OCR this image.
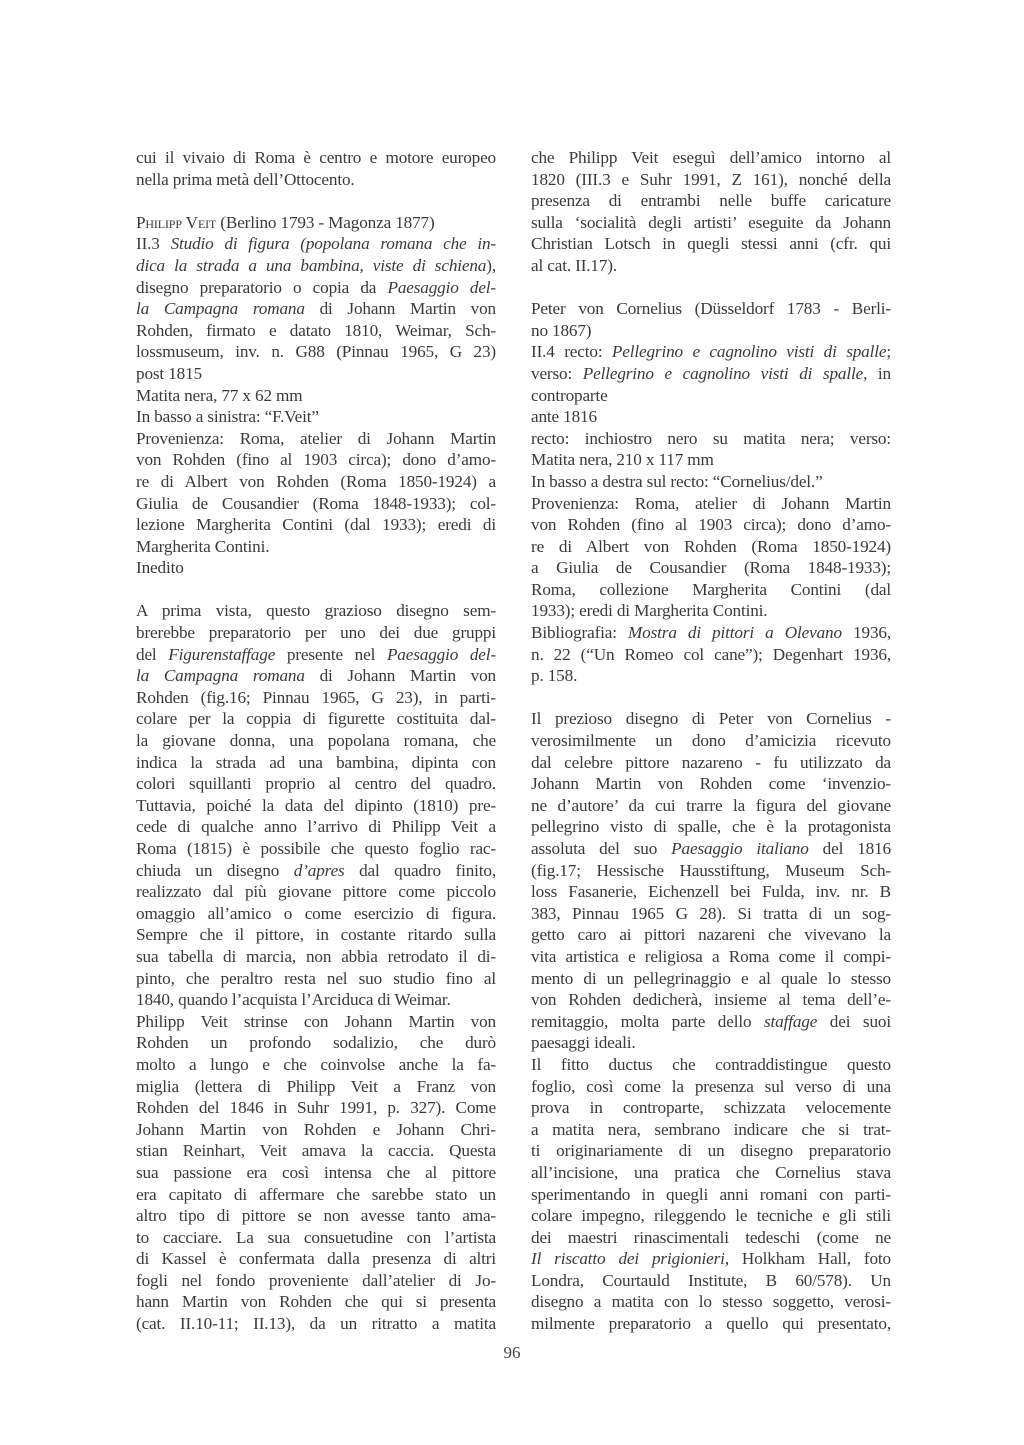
cui il vivaio di Roma è centro e motore europeo
nella prima metà dell’Ottocento.
Philipp Veit (Berlino 1793 - Magonza 1877)
II.3 Studio di figura (popolana romana che in-
dica la strada a una bambina, viste di schiena),
disegno preparatorio o copia da Paesaggio del-
la Campagna romana di Johann Martin von
Rohden, firmato e datato 1810, Weimar, Sch-
lossmuseum, inv. n. G88 (Pinnau 1965, G 23)
post 1815
Matita nera, 77 x 62 mm
In basso a sinistra: “F.Veit”
Provenienza: Roma, atelier di Johann Martin
von Rohden (fino al 1903 circa); dono d’amo-
re di Albert von Rohden (Roma 1850-1924) a
Giulia de Cousandier (Roma 1848-1933); col-
lezione Margherita Contini (dal 1933); eredi di
Margherita Contini.
Inedito
A prima vista, questo grazioso disegno sem-
brerebbe preparatorio per uno dei due gruppi
del Figurenstaffage presente nel Paesaggio del-
la Campagna romana di Johann Martin von
Rohden (fig.16; Pinnau 1965, G 23), in parti-
colare per la coppia di figurette costituita dal-
la giovane donna, una popolana romana, che
indica la strada ad una bambina, dipinta con
colori squillanti proprio al centro del quadro.
Tuttavia, poiché la data del dipinto (1810) pre-
cede di qualche anno l’arrivo di Philipp Veit a
Roma (1815) è possibile che questo foglio rac-
chiuda un disegno d’apres dal quadro finito,
realizzato dal più giovane pittore come piccolo
omaggio all’amico o come esercizio di figura.
Sempre che il pittore, in costante ritardo sulla
sua tabella di marcia, non abbia retrodato il di-
pinto, che peraltro resta nel suo studio fino al
1840, quando l’acquista l’Arciduca di Weimar.
Philipp Veit strinse con Johann Martin von
Rohden un profondo sodalizio, che durò
molto a lungo e che coinvolse anche la fa-
miglia (lettera di Philipp Veit a Franz von
Rohden del 1846 in Suhr 1991, p. 327). Come
Johann Martin von Rohden e Johann Chri-
stian Reinhart, Veit amava la caccia. Questa
sua passione era così intensa che al pittore
era capitato di affermare che sarebbe stato un
altro tipo di pittore se non avesse tanto ama-
to cacciare. La sua consuetudine con l’artista
di Kassel è confermata dalla presenza di altri
fogli nel fondo proveniente dall’atelier di Jo-
hann Martin von Rohden che qui si presenta
(cat. II.10-11; II.13), da un ritratto a matita
che Philipp Veit eseguì dell’amico intorno al
1820 (III.3 e Suhr 1991, Z 161), nonché della
presenza di entrambi nelle buffe caricature
sulla ‘socialità degli artisti’ eseguite da Johann
Christian Lotsch in quegli stessi anni (cfr. qui
al cat. II.17).
Peter von Cornelius (Düsseldorf 1783 - Berli-
no 1867)
II.4 recto: Pellegrino e cagnolino visti di spalle;
verso: Pellegrino e cagnolino visti di spalle, in
controparte
ante 1816
recto: inchiostro nero su matita nera; verso:
Matita nera, 210 x 117 mm
In basso a destra sul recto: “Cornelius/del.”
Provenienza: Roma, atelier di Johann Martin
von Rohden (fino al 1903 circa); dono d’amo-
re di Albert von Rohden (Roma 1850-1924)
a Giulia de Cousandier (Roma 1848-1933);
Roma, collezione Margherita Contini (dal
1933); eredi di Margherita Contini.
Bibliografia: Mostra di pittori a Olevano 1936,
n. 22 (“Un Romeo col cane”); Degenhart 1936,
p. 158.
Il prezioso disegno di Peter von Cornelius -
verosimilmente un dono d’amicizia ricevuto
dal celebre pittore nazareno - fu utilizzato da
Johann Martin von Rohden come ‘invenzio-
ne d’autore’ da cui trarre la figura del giovane
pellegrino visto di spalle, che è la protagonista
assoluta del suo Paesaggio italiano del 1816
(fig.17; Hessische Hausstiftung, Museum Sch-
loss Fasanerie, Eichenzell bei Fulda, inv. nr. B
383, Pinnau 1965 G 28). Si tratta di un sog-
getto caro ai pittori nazareni che vivevano la
vita artistica e religiosa a Roma come il compi-
mento di un pellegrinaggio e al quale lo stesso
von Rohden dedicherà, insieme al tema dell’e-
remitaggio, molta parte dello staffage dei suoi
paesaggi ideali.
Il fitto ductus che contraddistingue questo
foglio, così come la presenza sul verso di una
prova in controparte, schizzata velocemente
a matita nera, sembrano indicare che si trat-
ti originariamente di un disegno preparatorio
all’incisione, una pratica che Cornelius stava
sperimentando in quegli anni romani con parti-
colare impegno, rileggendo le tecniche e gli stili
dei maestri rinascimentali tedeschi (come ne
Il riscatto dei prigionieri, Holkham Hall, foto
Londra, Courtauld Institute, B 60/578). Un
disegno a matita con lo stesso soggetto, verosi-
milmente preparatorio a quello qui presentato,
96
